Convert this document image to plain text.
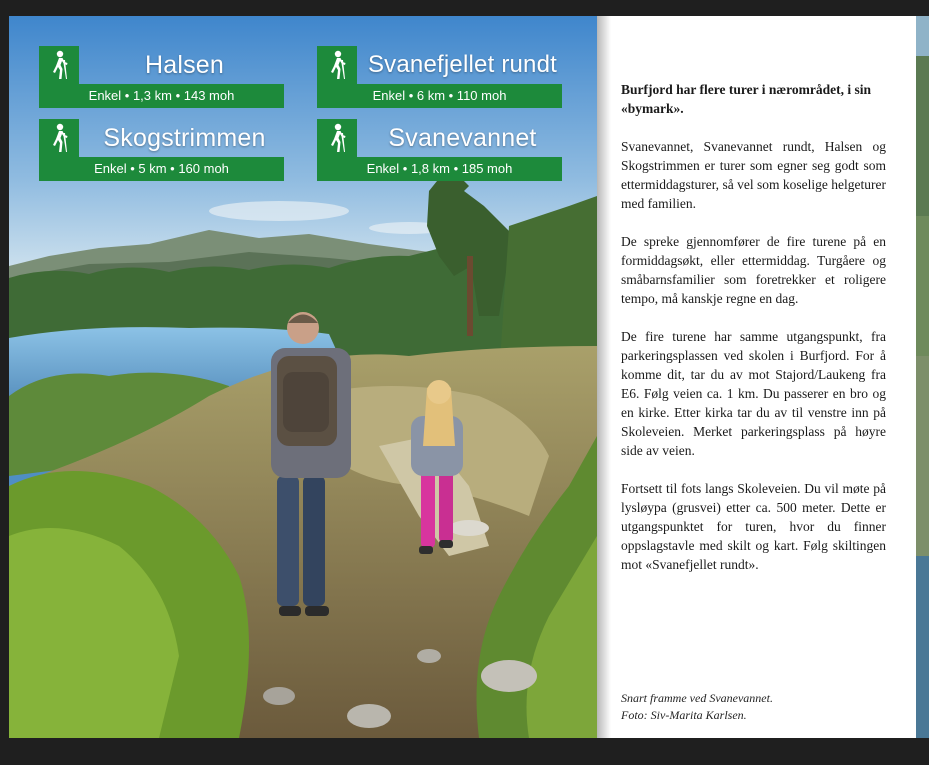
Halsen
Enkel • 1,3 km • 143 moh
Svanefjellet rundt
Enkel • 6 km • 110 moh
Skogstrimmen
Enkel • 5 km • 160 moh
Svanevannet
Enkel • 1,8 km • 185 moh

Burfjord har flere turer i nærområdet, i sin «bymark».

Svanevannet, Svanevannet rundt, Halsen og Skogstrimmen er turer som egner seg godt som ettermiddagsturer, så vel som koselige helgeturer med familien.

De spreke gjennomfører de fire turene på en formiddagsøkt, eller ettermiddag. Turgåere og småbarnsfamilier som foretrekker et roligere tempo, må kanskje regne en dag.

De fire turene har samme utgangspunkt, fra parkeringsplassen ved skolen i Burfjord. For å komme dit, tar du av mot Stajord/Laukeng fra E6. Følg veien ca. 1 km. Du passerer en bro og en kirke. Etter kirka tar du av til venstre inn på Skoleveien. Merket parkeringsplass på høyre side av veien.

Fortsett til fots langs Skoleveien. Du vil møte på lysløypa (grusvei) etter ca. 500 meter. Dette er utgangspunktet for turen, hvor du finner oppslagstavle med skilt og kart. Følg skiltingen mot «Svanefjellet rundt».

Snart framme ved Svanevannet.
Foto: Siv-Marita Karlsen.
